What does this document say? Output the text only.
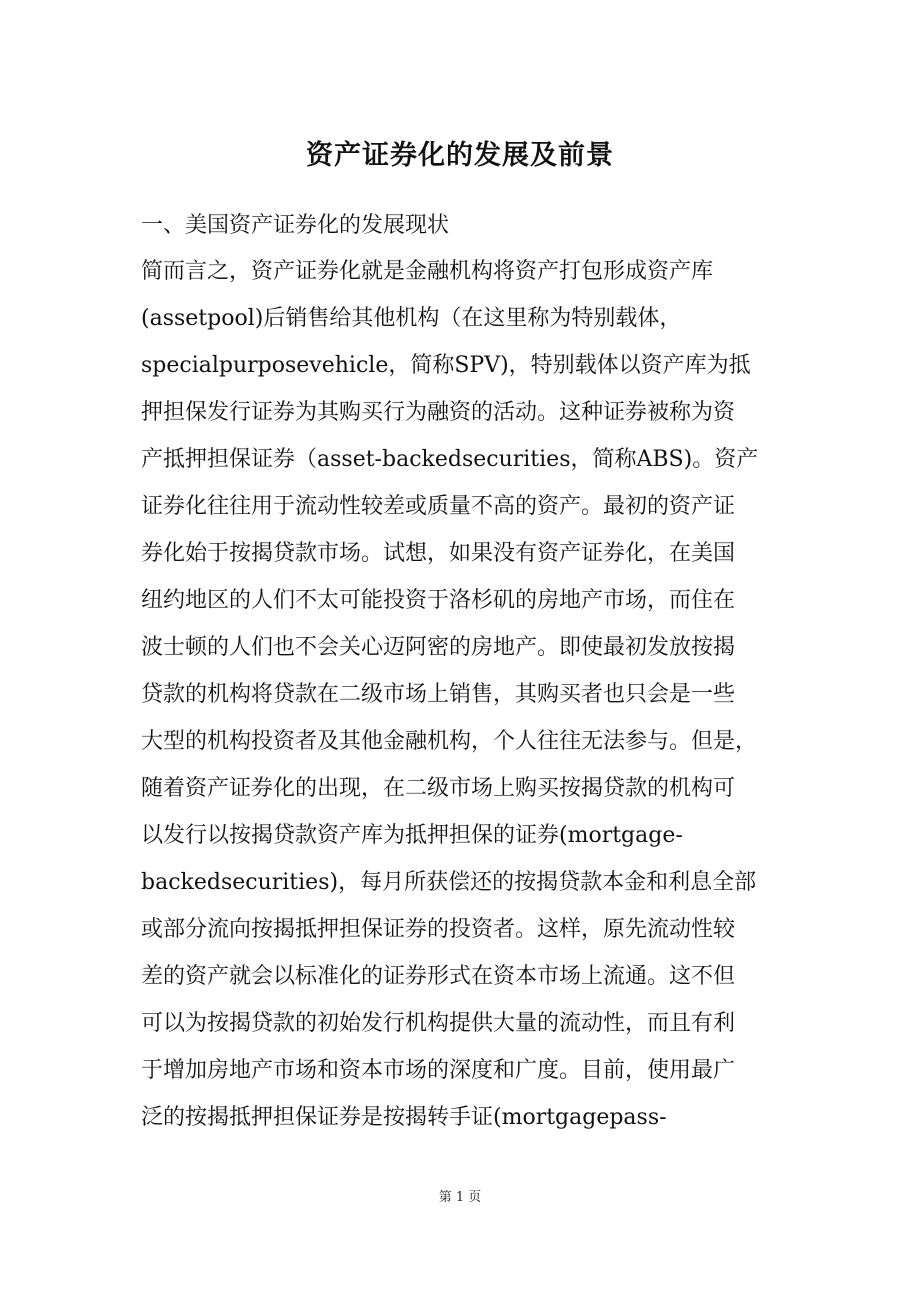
资产证券化的发展及前景
一、美国资产证券化的发展现状
简而言之，资产证券化就是金融机构将资产打包形成资产库
(assetpool)后销售给其他机构（在这里称为特别载体，
specialpurposevehicle，简称SPV)，特别载体以资产库为抵
押担保发行证券为其购买行为融资的活动。这种证券被称为资
产抵押担保证券（asset-backedsecurities，简称ABS)。资产
证券化往往用于流动性较差或质量不高的资产。最初的资产证
券化始于按揭贷款市场。试想，如果没有资产证券化，在美国
纽约地区的人们不太可能投资于洛杉矶的房地产市场，而住在
波士顿的人们也不会关心迈阿密的房地产。即使最初发放按揭
贷款的机构将贷款在二级市场上销售，其购买者也只会是一些
大型的机构投资者及其他金融机构，个人往往无法参与。但是，
随着资产证券化的出现，在二级市场上购买按揭贷款的机构可
以发行以按揭贷款资产库为抵押担保的证券(mortgage-
backedsecurities)，每月所获偿还的按揭贷款本金和利息全部
或部分流向按揭抵押担保证券的投资者。这样，原先流动性较
差的资产就会以标准化的证券形式在资本市场上流通。这不但
可以为按揭贷款的初始发行机构提供大量的流动性，而且有利
于增加房地产市场和资本市场的深度和广度。目前，使用最广
泛的按揭抵押担保证券是按揭转手证(mortgagepass-
第 1 页
